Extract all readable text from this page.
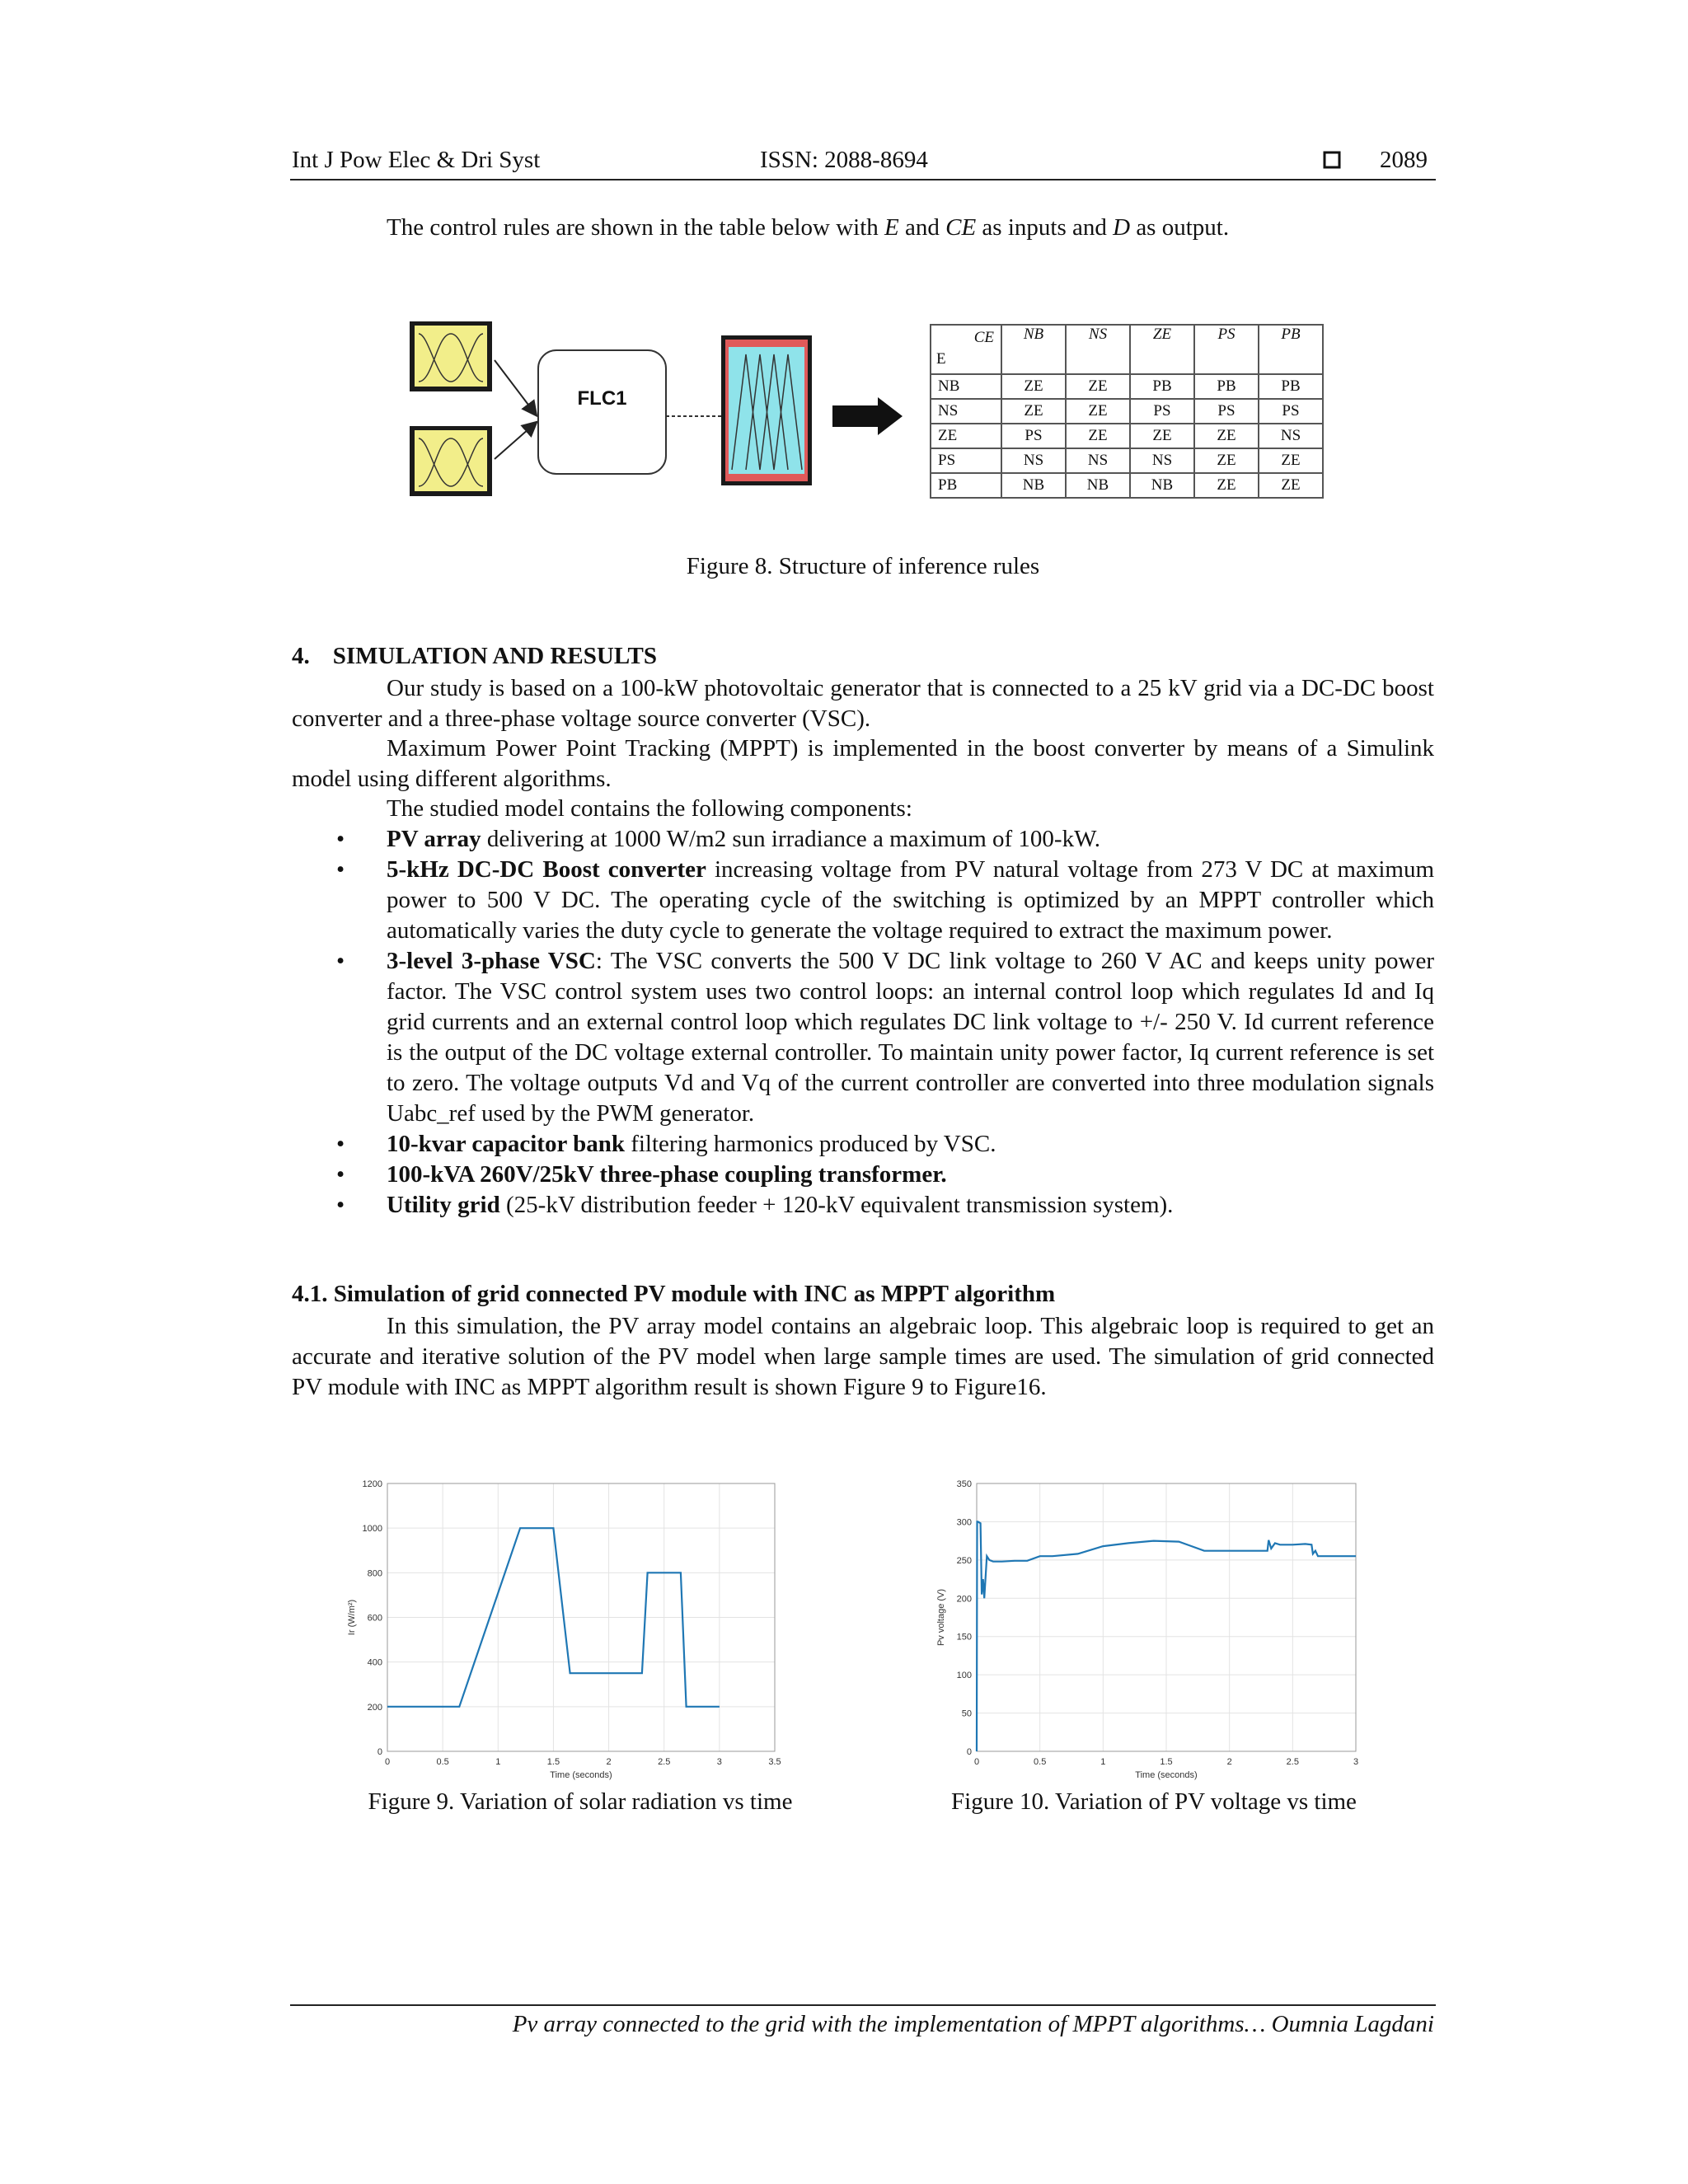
Int J Pow Elec & Dri Syst	ISSN: 2088-8694	2089

The control rules are shown in the table below with E and CE as inputs and D as output.

FLC1
CE
E	NB	NS	ZE	PS	PB
NB	ZE	ZE	PB	PB	PB
NS	ZE	ZE	PS	PS	PS
ZE	PS	ZE	ZE	ZE	NS
PS	NS	NS	NS	ZE	ZE
PB	NB	NB	NB	ZE	ZE
Figure 8. Structure of inference rules
4. SIMULATION AND RESULTS

Our study is based on a 100-kW photovoltaic generator that is connected to a 25 kV grid via a DC-DC boost converter and a three-phase voltage source converter (VSC).

Maximum Power Point Tracking (MPPT) is implemented in the boost converter by means of a Simulink model using different algorithms.

The studied model contains the following components:

• PV array delivering at 1000 W/m2 sun irradiance a maximum of 100-kW.
• 5-kHz DC-DC Boost converter increasing voltage from PV natural voltage from 273 V DC at maximum power to 500 V DC. The operating cycle of the switching is optimized by an MPPT controller which automatically varies the duty cycle to generate the voltage required to extract the maximum power.
• 3-level 3-phase VSC: The VSC converts the 500 V DC link voltage to 260 V AC and keeps unity power factor. The VSC control system uses two control loops: an internal control loop which regulates Id and Iq grid currents and an external control loop which regulates DC link voltage to +/- 250 V. Id current reference is the output of the DC voltage external controller. To maintain unity power factor, Iq current reference is set to zero. The voltage outputs Vd and Vq of the current controller are converted into three modulation signals Uabc_ref used by the PWM generator.
• 10-kvar capacitor bank filtering harmonics produced by VSC.
• 100-kVA 260V/25kV three-phase coupling transformer.
• Utility grid (25-kV distribution feeder + 120-kV equivalent transmission system).
4.1. Simulation of grid connected PV module with INC as MPPT algorithm

In this simulation, the PV array model contains an algebraic loop. This algebraic loop is required to get an accurate and iterative solution of the PV model when large sample times are used. The simulation of grid connected PV module with INC as MPPT algorithm result is shown Figure 9 to Figure16.

0	0.5	1	1.5	2	2.5	3	3.5
0
200
400
600
800
1000
1200
Time (seconds)
Ir (W/m²)
Figure 9. Variation of solar radiation vs time
0	0.5	1	1.5	2	2.5	3
0
50
100
150
200
250
300
350
Time (seconds)
Pv voltage (V)
Figure 10. Variation of PV voltage vs time
Pv array connected to the grid with the implementation of MPPT algorithms… Oumnia Lagdani
